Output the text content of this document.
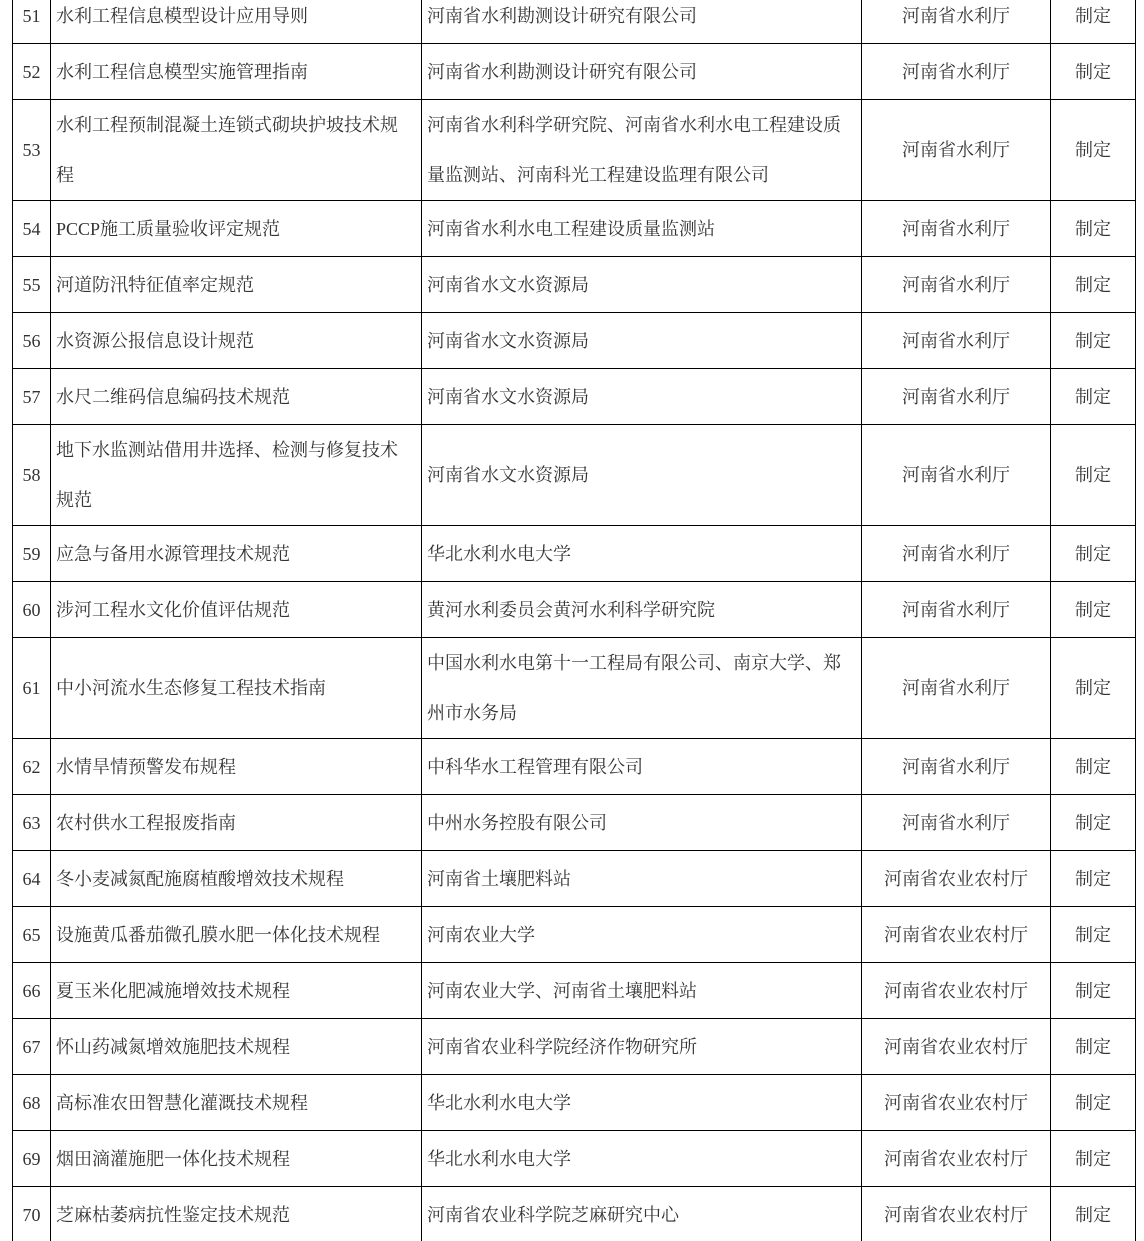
51	水利工程信息模型设计应用导则	河南省水利勘测设计研究有限公司	河南省水利厅	制定
52	水利工程信息模型实施管理指南	河南省水利勘测设计研究有限公司	河南省水利厅	制定
53	水利工程预制混凝土连锁式砌块护坡技术规程	河南省水利科学研究院、河南省水利水电工程建设质量监测站、河南科光工程建设监理有限公司	河南省水利厅	制定
54	PCCP施工质量验收评定规范	河南省水利水电工程建设质量监测站	河南省水利厅	制定
55	河道防汛特征值率定规范	河南省水文水资源局	河南省水利厅	制定
56	水资源公报信息设计规范	河南省水文水资源局	河南省水利厅	制定
57	水尺二维码信息编码技术规范	河南省水文水资源局	河南省水利厅	制定
58	地下水监测站借用井选择、检测与修复技术规范	河南省水文水资源局	河南省水利厅	制定
59	应急与备用水源管理技术规范	华北水利水电大学	河南省水利厅	制定
60	涉河工程水文化价值评估规范	黄河水利委员会黄河水利科学研究院	河南省水利厅	制定
61	中小河流水生态修复工程技术指南	中国水利水电第十一工程局有限公司、南京大学、郑州市水务局	河南省水利厅	制定
62	水情旱情预警发布规程	中科华水工程管理有限公司	河南省水利厅	制定
63	农村供水工程报废指南	中州水务控股有限公司	河南省水利厅	制定
64	冬小麦减氮配施腐植酸增效技术规程	河南省土壤肥料站	河南省农业农村厅	制定
65	设施黄瓜番茄微孔膜水肥一体化技术规程	河南农业大学	河南省农业农村厅	制定
66	夏玉米化肥减施增效技术规程	河南农业大学、河南省土壤肥料站	河南省农业农村厅	制定
67	怀山药减氮增效施肥技术规程	河南省农业科学院经济作物研究所	河南省农业农村厅	制定
68	高标准农田智慧化灌溉技术规程	华北水利水电大学	河南省农业农村厅	制定
69	烟田滴灌施肥一体化技术规程	华北水利水电大学	河南省农业农村厅	制定
70	芝麻枯萎病抗性鉴定技术规范	河南省农业科学院芝麻研究中心	河南省农业农村厅	制定
